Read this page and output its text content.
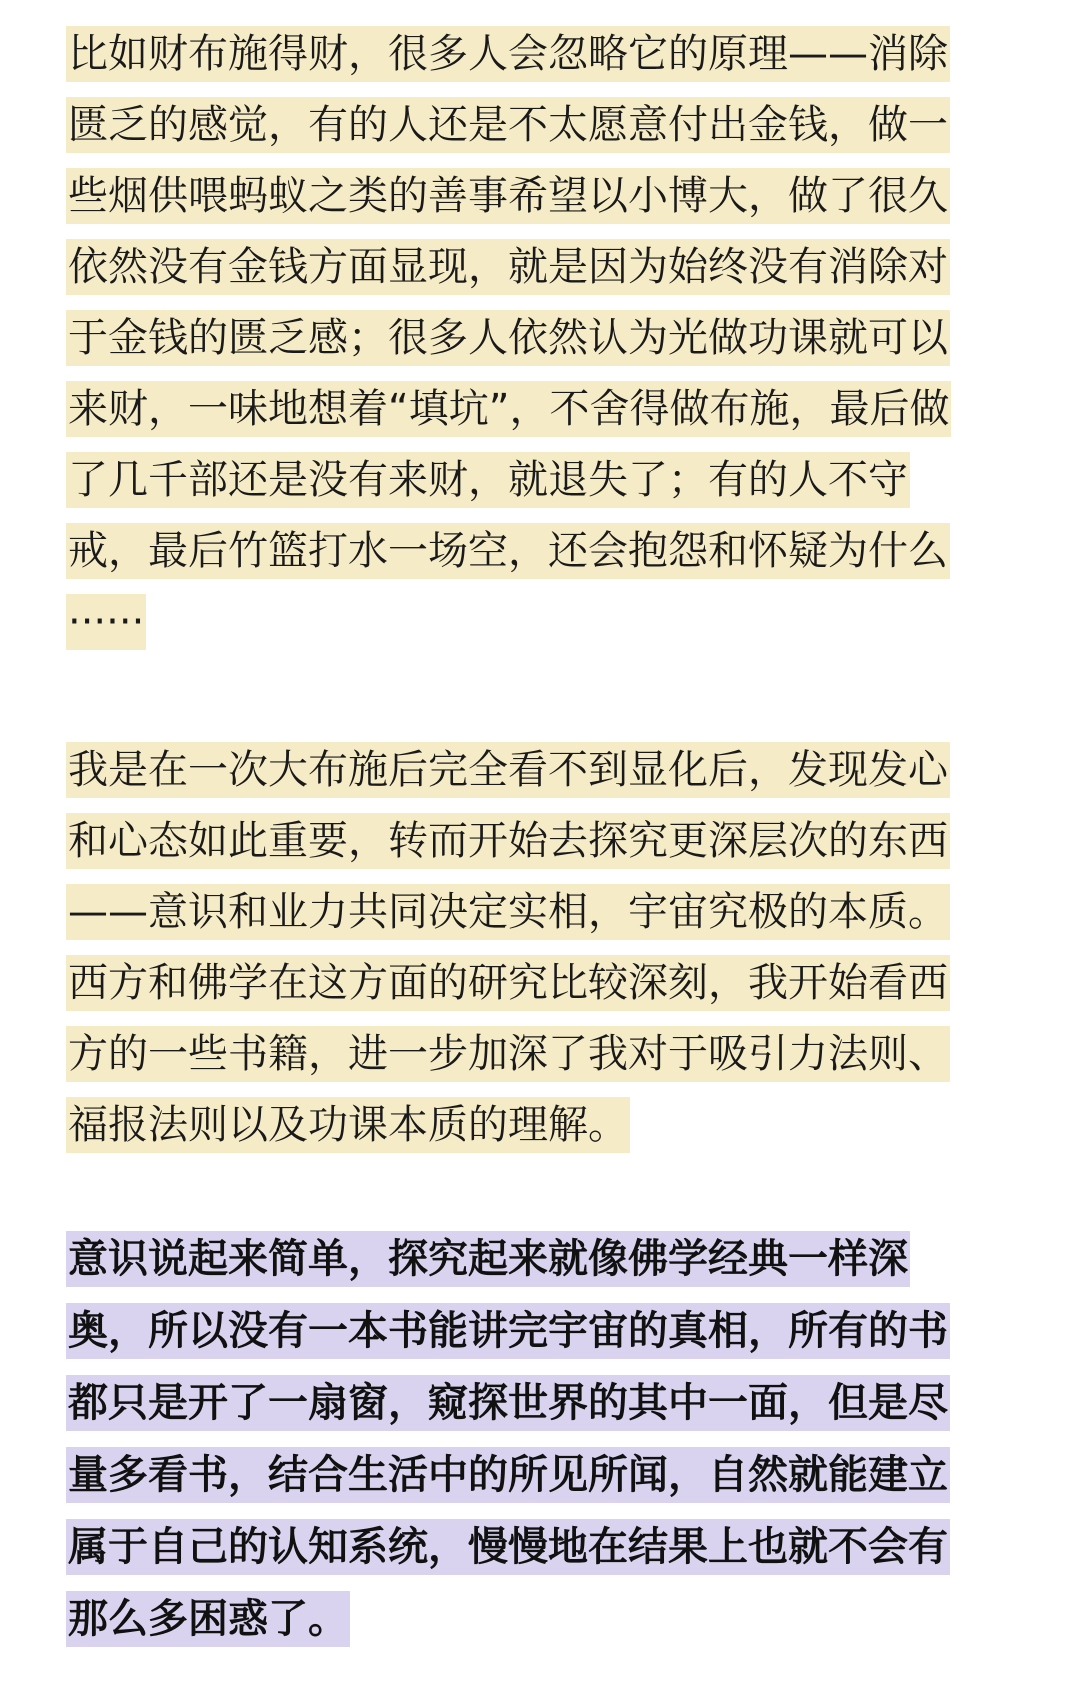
比如财布施得财，很多人会忽略它的原理——消除
匮乏的感觉，有的人还是不太愿意付出金钱，做一
些烟供喂蚂蚁之类的善事希望以小博大，做了很久
依然没有金钱方面显现，就是因为始终没有消除对
于金钱的匮乏感；很多人依然认为光做功课就可以
来财，一味地想着“填坑”，不舍得做布施，最后做
了几千部还是没有来财，就退失了；有的人不守
戒，最后竹篮打水一场空，还会抱怨和怀疑为什么
······
我是在一次大布施后完全看不到显化后，发现发心
和心态如此重要，转而开始去探究更深层次的东西
——意识和业力共同决定实相，宇宙究极的本质。
西方和佛学在这方面的研究比较深刻，我开始看西
方的一些书籍，进一步加深了我对于吸引力法则、
福报法则以及功课本质的理解。
意识说起来简单，探究起来就像佛学经典一样深
奥，所以没有一本书能讲完宇宙的真相，所有的书
都只是开了一扇窗，窥探世界的其中一面，但是尽
量多看书，结合生活中的所见所闻，自然就能建立
属于自己的认知系统，慢慢地在结果上也就不会有
那么多困惑了。
